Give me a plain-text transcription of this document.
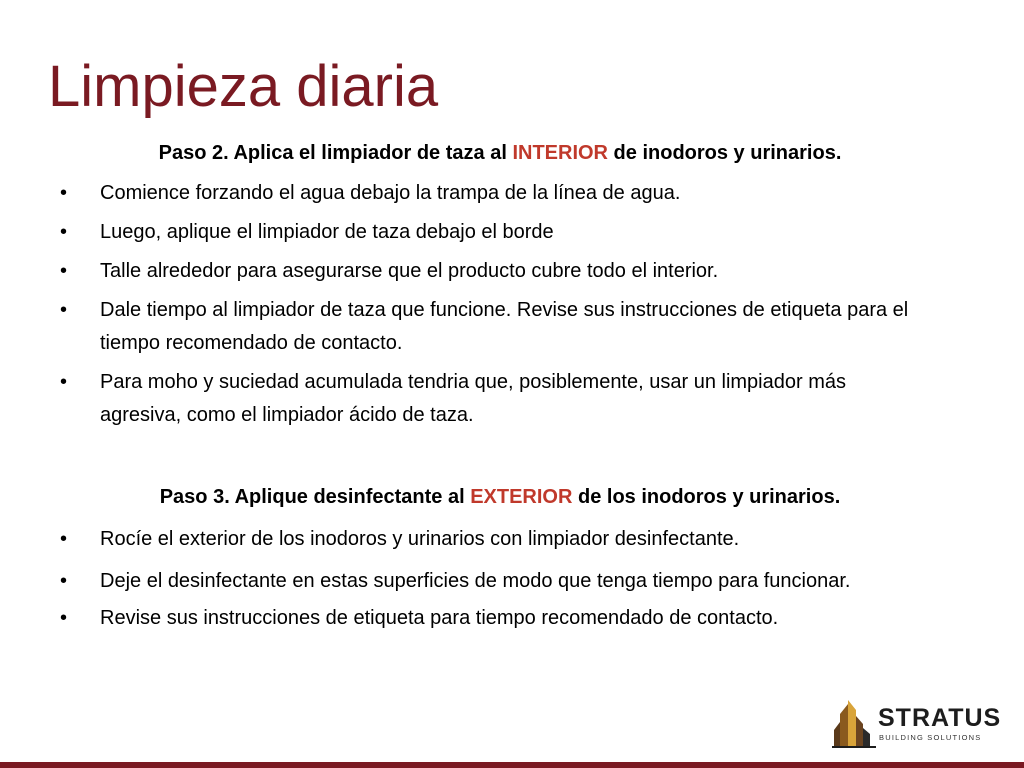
Limpieza diaria

Paso 2. Aplica el limpiador de taza al INTERIOR de inodoros y urinarios.

• Comience forzando el agua debajo la trampa de la línea de agua.
• Luego, aplique el limpiador de taza debajo el borde
• Talle alrededor para asegurarse que el producto cubre todo el interior.
• Dale tiempo al limpiador de taza que funcione. Revise sus instrucciones de etiqueta para el tiempo recomendado de contacto.
• Para moho y suciedad acumulada tendria que, posiblemente, usar un limpiador más agresiva, como el limpiador ácido de taza.

Paso 3. Aplique desinfectante al EXTERIOR de los inodoros y urinarios.

• Rocíe el exterior de los inodoros y urinarios con limpiador desinfectante.
• Deje el desinfectante en estas superficies de modo que tenga tiempo para funcionar.
• Revise sus instrucciones de etiqueta para tiempo recomendado de contacto.
STRATUS
BUILDING SOLUTIONS
